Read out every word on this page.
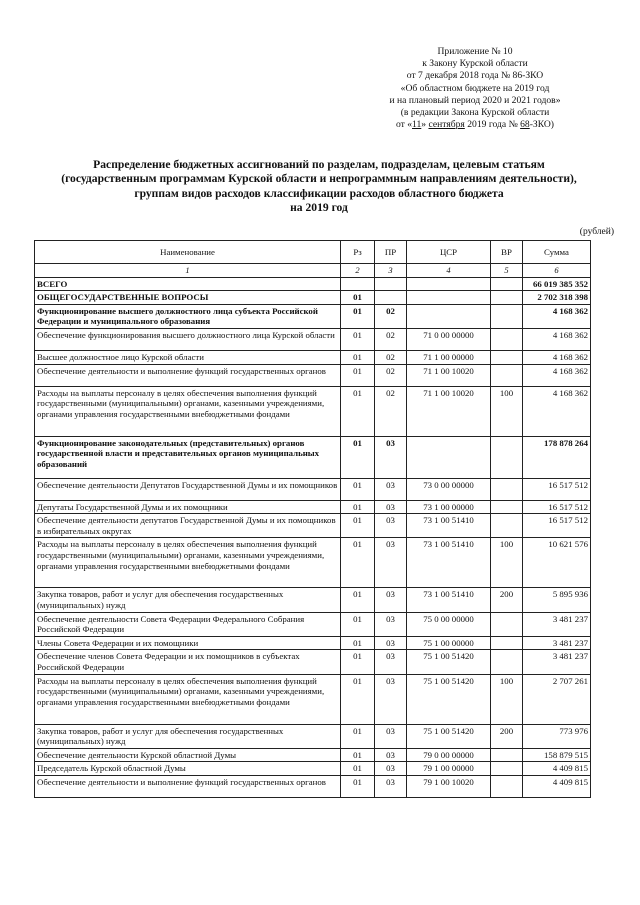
Приложение № 10
к Закону Курской области
от 7 декабря 2018 года № 86-ЗКО
«Об областном бюджете на 2019 год
и на плановый период 2020 и 2021 годов»
(в редакции Закона Курской области
от «11» сентября 2019 года № 68-ЗКО)
Распределение бюджетных ассигнований по разделам, подразделам, целевым статьям
(государственным программам Курской области и непрограммным направлениям деятельности),
группам видов расходов классификации расходов областного бюджета
на 2019 год
(рублей)
Наименование	Рз	ПР	ЦСР	ВР	Сумма
1	2	3	4	5	6
ВСЕГО					66 019 385 352
ОБЩЕГОСУДАРСТВЕННЫЕ ВОПРОСЫ	01				2 702 318 398
Функционирование высшего должностного лица субъекта Российской Федерации и муниципального образования	01	02			4 168 362
Обеспечение функционирования высшего должностного лица Курской области	01	02	71 0 00 00000		4 168 362
Высшее должностное лицо Курской области	01	02	71 1 00 00000		4 168 362
Обеспечение деятельности и выполнение функций государственных органов	01	02	71 1 00 10020		4 168 362
Расходы на выплаты персоналу в целях обеспечения выполнения функций государственными (муниципальными) органами, казенными учреждениями, органами управления государственными внебюджетными фондами	01	02	71 1 00 10020	100	4 168 362
Функционирование законодательных (представительных) органов государственной власти и представительных органов муниципальных образований	01	03			178 878 264
Обеспечение деятельности Депутатов Государственной Думы и их помощников	01	03	73 0 00 00000		16 517 512
Депутаты Государственной Думы и их помощники	01	03	73 1 00 00000		16 517 512
Обеспечение деятельности депутатов Государственной Думы и их помощников в избирательных округах	01	03	73 1 00 51410		16 517 512
Расходы на выплаты персоналу в целях обеспечения выполнения функций государственными (муниципальными) органами, казенными учреждениями, органами управления государственными внебюджетными фондами	01	03	73 1 00 51410	100	10 621 576
Закупка товаров, работ и услуг для обеспечения государственных (муниципальных) нужд	01	03	73 1 00 51410	200	5 895 936
Обеспечение деятельности Совета Федерации Федерального Собрания Российской Федерации	01	03	75 0 00 00000		3 481 237
Члены Совета Федерации и их помощники	01	03	75 1 00 00000		3 481 237
Обеспечение членов Совета Федерации и их помощников в субъектах Российской Федерации	01	03	75 1 00 51420		3 481 237
Расходы на выплаты персоналу в целях обеспечения выполнения функций государственными (муниципальными) органами, казенными учреждениями, органами управления государственными внебюджетными фондами	01	03	75 1 00 51420	100	2 707 261
Закупка товаров, работ и услуг для обеспечения государственных (муниципальных) нужд	01	03	75 1 00 51420	200	773 976
Обеспечение деятельности Курской областной Думы	01	03	79 0 00 00000		158 879 515
Председатель Курской областной Думы	01	03	79 1 00 00000		4 409 815
Обеспечение деятельности и выполнение функций государственных органов	01	03	79 1 00 10020		4 409 815
